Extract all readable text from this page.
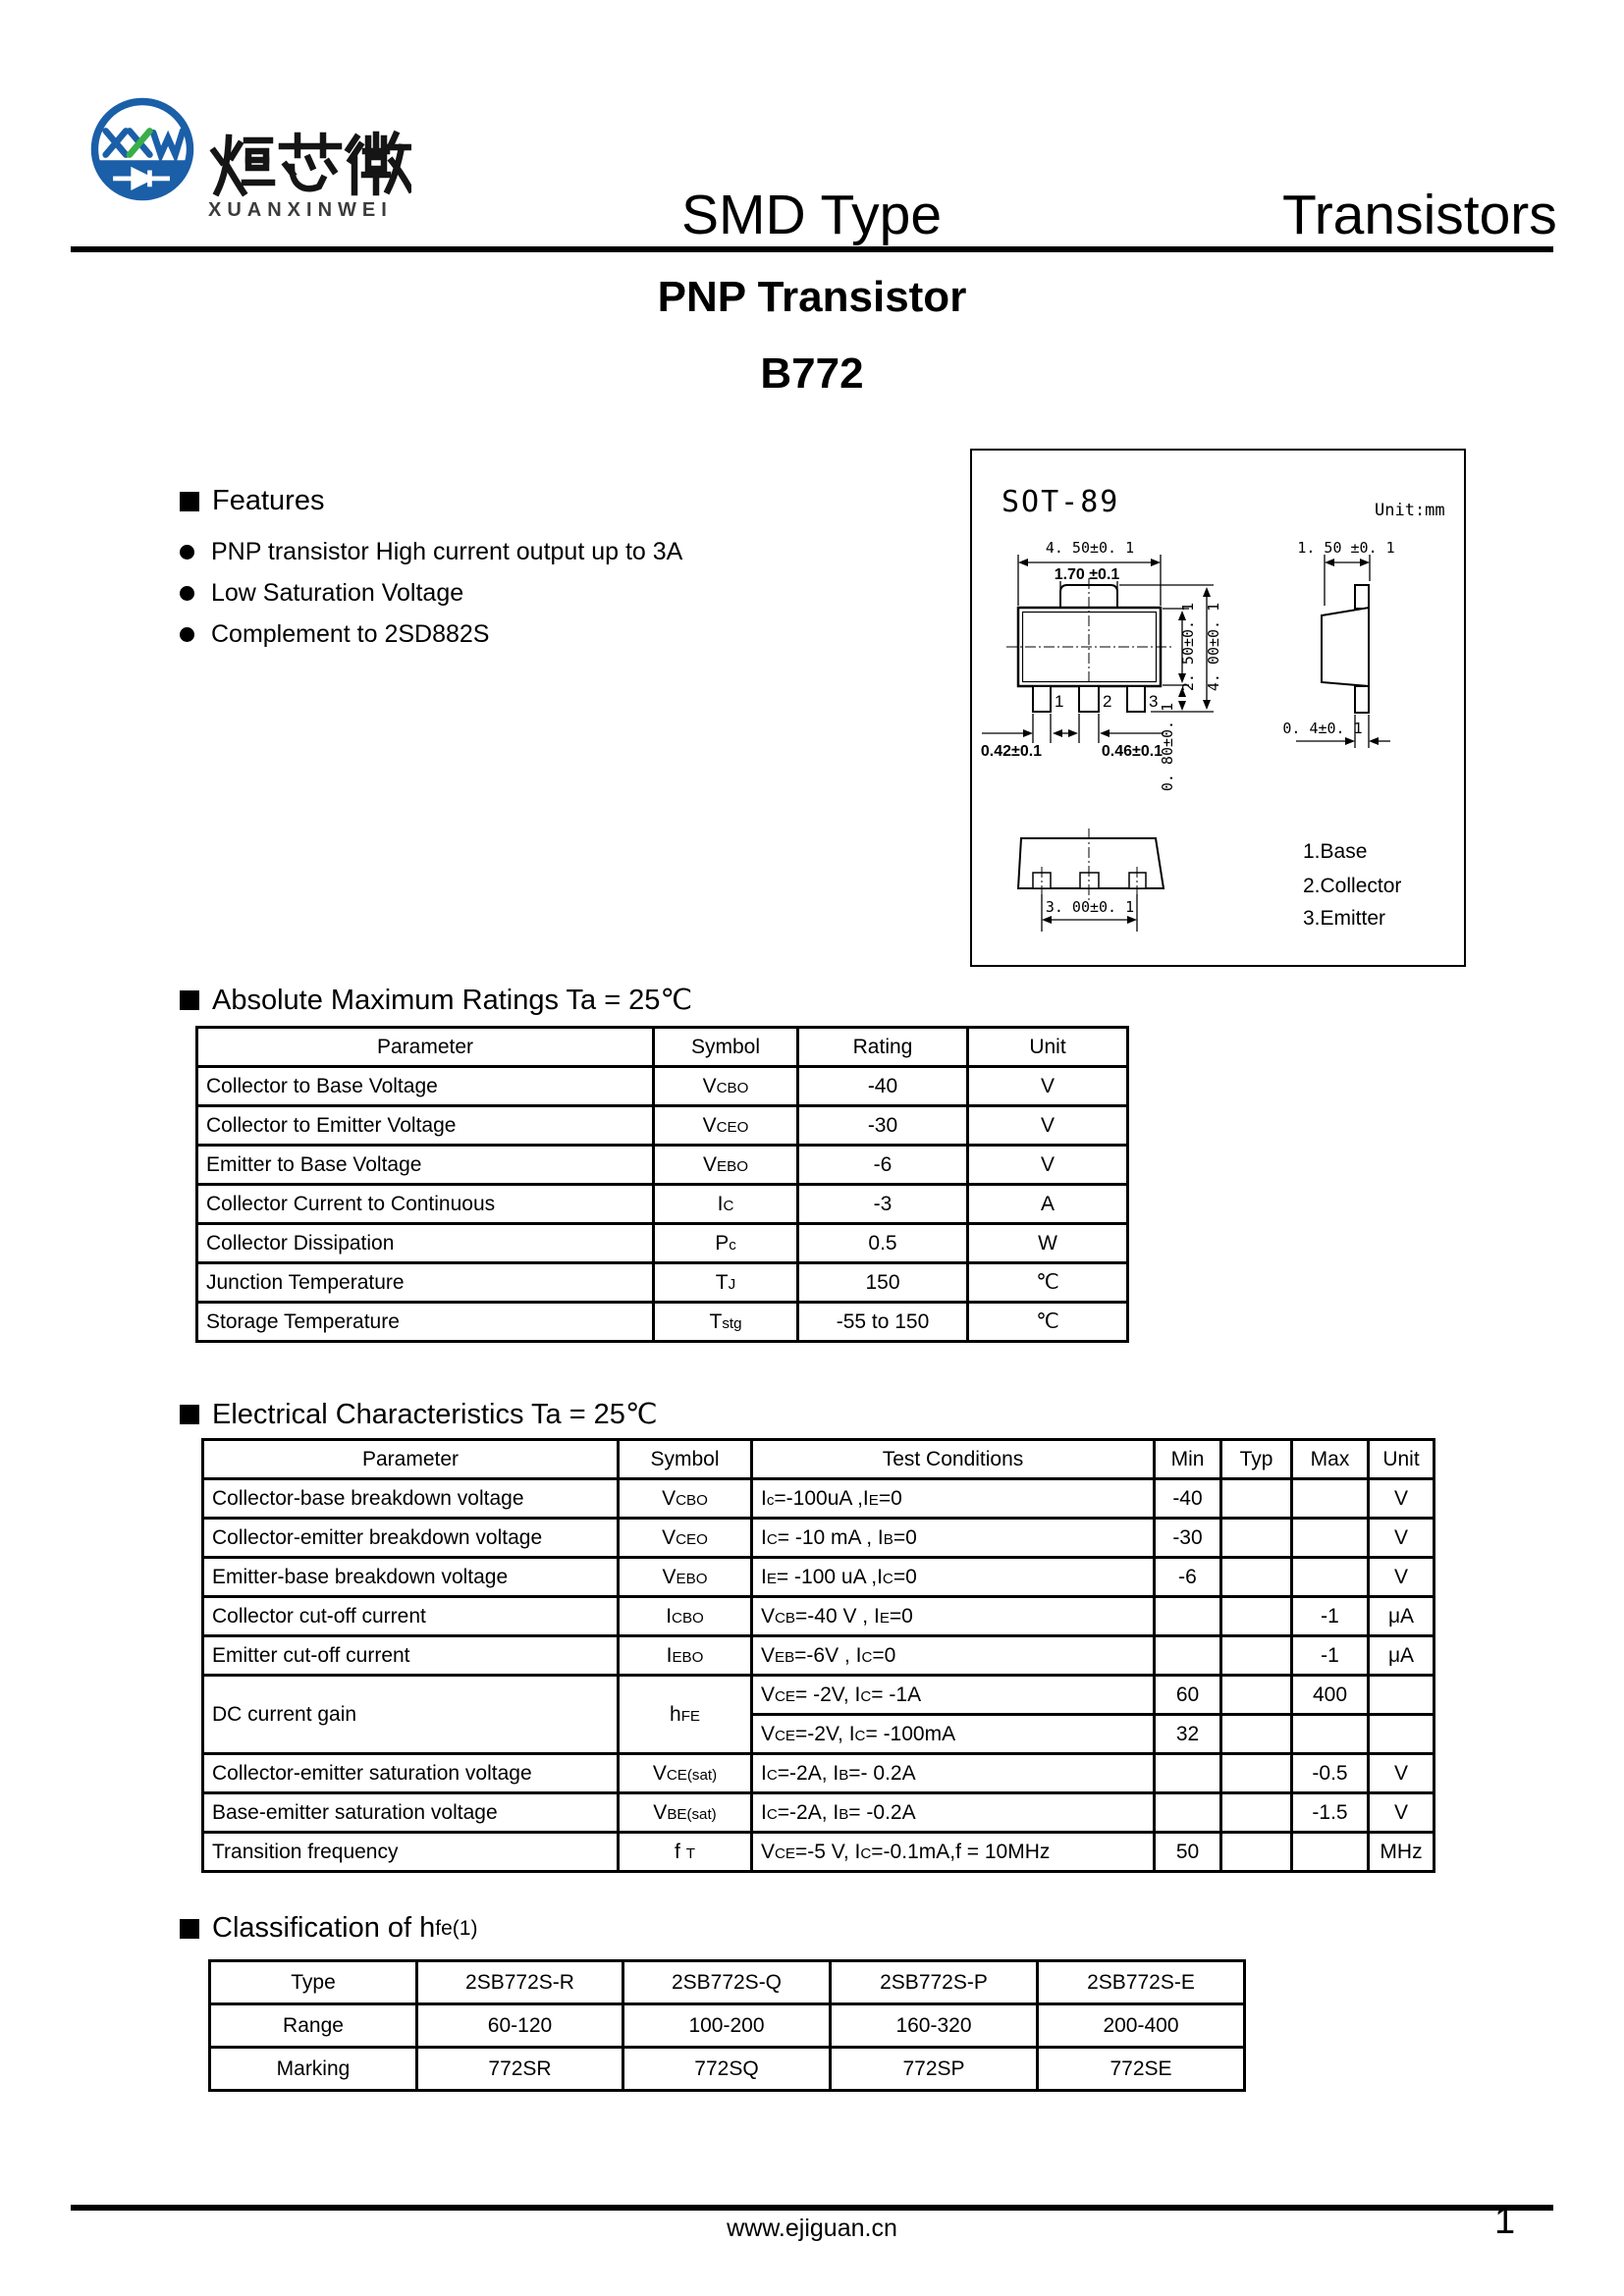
XUANXINWEI	SMD Type	Transistors
PNP Transistor
B772
Features
PNP transistor High current output up to 3A
Low Saturation Voltage
Complement to 2SD882S
SOT-89	Unit:mm
4. 50±0. 1
1.70 ±0.1
1 2 3
2. 50±0. 1 4. 00±0. 1
0. 80±0. 1
0.42±0.1	0.46±0.1
1. 50 ±0. 1
0. 4±0. 1
3. 00±0. 1
1.Base
2.Collector
3.Emitter
Absolute Maximum Ratings Ta = 25℃
Parameter	Symbol	Rating	Unit
Collector to Base Voltage	VCBO	-40	V
Collector to Emitter Voltage	VCEO	-30	V
Emitter to Base Voltage	VEBO	-6	V
Collector Current to Continuous	IC	-3	A
Collector Dissipation	Pc	0.5	W
Junction Temperature	TJ	150	℃
Storage Temperature	Tstg	-55 to 150	℃
Electrical Characteristics Ta = 25℃
Parameter	Symbol	Test Conditions	Min	Typ	Max	Unit
Collector-base breakdown voltage	VCBO	Ic=-100uA ,IE=0	-40			V
Collector-emitter breakdown voltage	VCEO	IC= -10 mA , IB=0	-30			V
Emitter-base breakdown voltage	VEBO	IE= -100 uA ,IC=0	-6			V
Collector cut-off current	ICBO	VCB=-40 V , IE=0			-1	μA
Emitter cut-off current	IEBO	VEB=-6V , IC=0			-1	μA
DC current gain	hFE	VCE= -2V, IC= -1A	60		400	
		VCE=-2V, IC= -100mA	32			
Collector-emitter saturation voltage	VCE(sat)	IC=-2A, IB=- 0.2A			-0.5	V
Base-emitter saturation voltage	VBE(sat)	IC=-2A, IB= -0.2A			-1.5	V
Transition frequency	f T	VCE=-5 V, IC=-0.1mA,f = 10MHz	50			MHz
Classification of h fe(1)
Type	2SB772S-R	2SB772S-Q	2SB772S-P	2SB772S-E
Range	60-120	100-200	160-320	200-400
Marking	772SR	772SQ	772SP	772SE
www.ejiguan.cn	1
